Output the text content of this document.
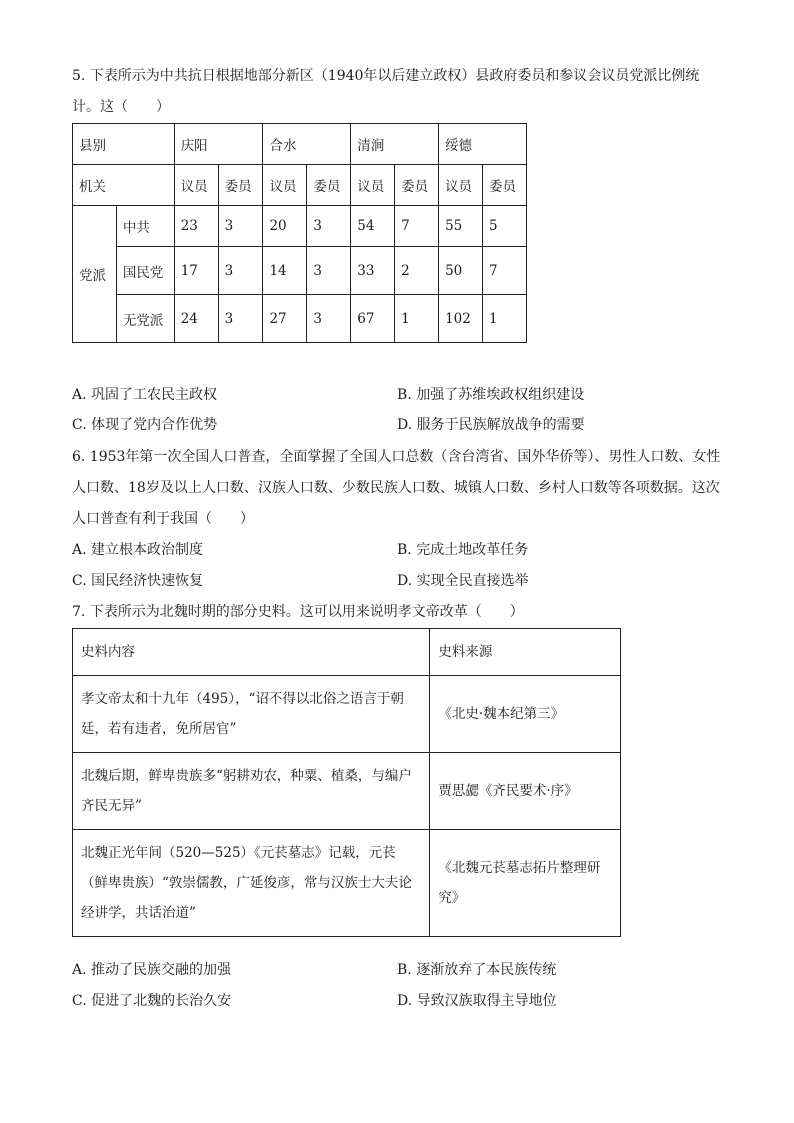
5. 下表所示为中共抗日根据地部分新区（1940年以后建立政权）县政府委员和参议会议员党派比例统
计。这（　　）
县别		庆阳		合水		清涧		绥德	
机关		议员	委员	议员	委员	议员	委员	议员	委员
党派	中共	23	3	20	3	54	7	55	5
	国民党	17	3	14	3	33	2	50	7
	无党派	24	3	27	3	67	1	102	1
A. 巩固了工农民主政权	B. 加强了苏维埃政权组织建设
C. 体现了党内合作优势	D. 服务于民族解放战争的需要
6. 1953年第一次全国人口普查，全面掌握了全国人口总数（含台湾省、国外华侨等）、男性人口数、女性
人口数、18岁及以上人口数、汉族人口数、少数民族人口数、城镇人口数、乡村人口数等各项数据。这次
人口普查有利于我国（　　）
A. 建立根本政治制度	B. 完成土地改革任务
C. 国民经济快速恢复	D. 实现全民直接选举
7. 下表所示为北魏时期的部分史料。这可以用来说明孝文帝改革（　　）
史料内容	史料来源
孝文帝太和十九年（495），“诏不得以北俗之语言于朝廷，若有违者，免所居官”	《北史·魏本纪第三》
北魏后期，鲜卑贵族多“躬耕劝农，种粟、植桑，与编户齐民无异”	贾思勰《齐民要术·序》
北魏正光年间（520—525）《元苌墓志》记载，元苌（鲜卑贵族）“敦崇儒教，广延俊彦，常与汉族士大夫论经讲学，共话治道”	《北魏元苌墓志拓片整理研究》
A. 推动了民族交融的加强	B. 逐渐放弃了本民族传统
C. 促进了北魏的长治久安	D. 导致汉族取得主导地位
